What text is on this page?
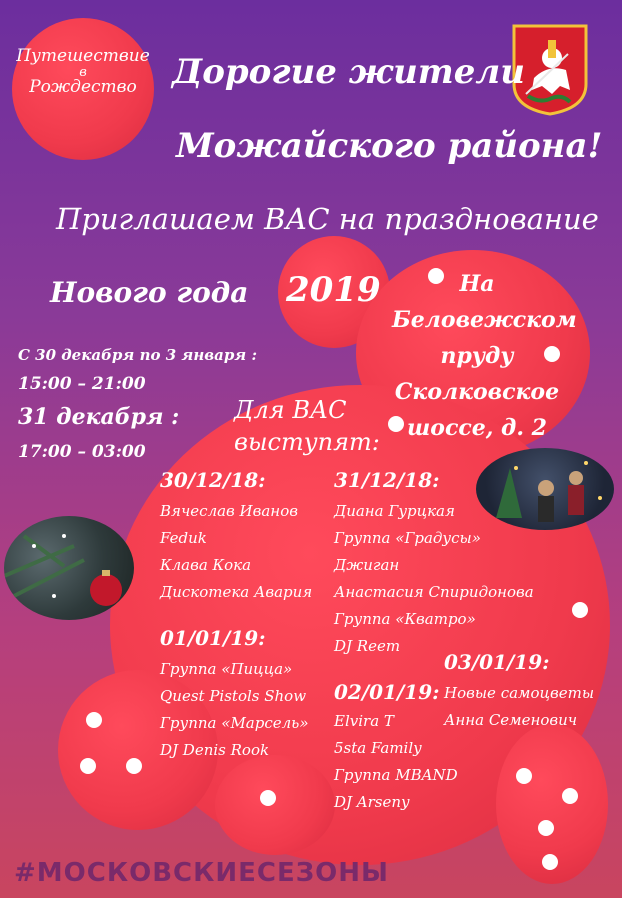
Путешествие
в
Рождество	Дорогие жители
Можайского района!
Приглашаем ВАС на празднование
Нового года 2019	На
Беловежском
пруду
Сколковское
шоссе, д. 2
С 30 декабря по 3 января :
15:00 – 21:00
31 декабря :
17:00 – 03:00
Для ВАС
выступят:
30/12/18:
Вячеслав Иванов
Feduk
Клава Кока
Дискотека Авария
31/12/18:
Диана Гурцкая
Группа «Градусы»
Джиган
Анастасия Спиридонова
Группа «Кватро»
DJ Reem
01/01/19:
Группа «Пицца»
Quest Pistols Show
Группа «Марсель»
DJ Denis Rook
02/01/19:
Elvira T
5sta Family
Группа MBAND
DJ Arseny
03/01/19:
Новые самоцветы
Анна Семенович
#МОСКОВСКИЕСЕЗОНЫ
